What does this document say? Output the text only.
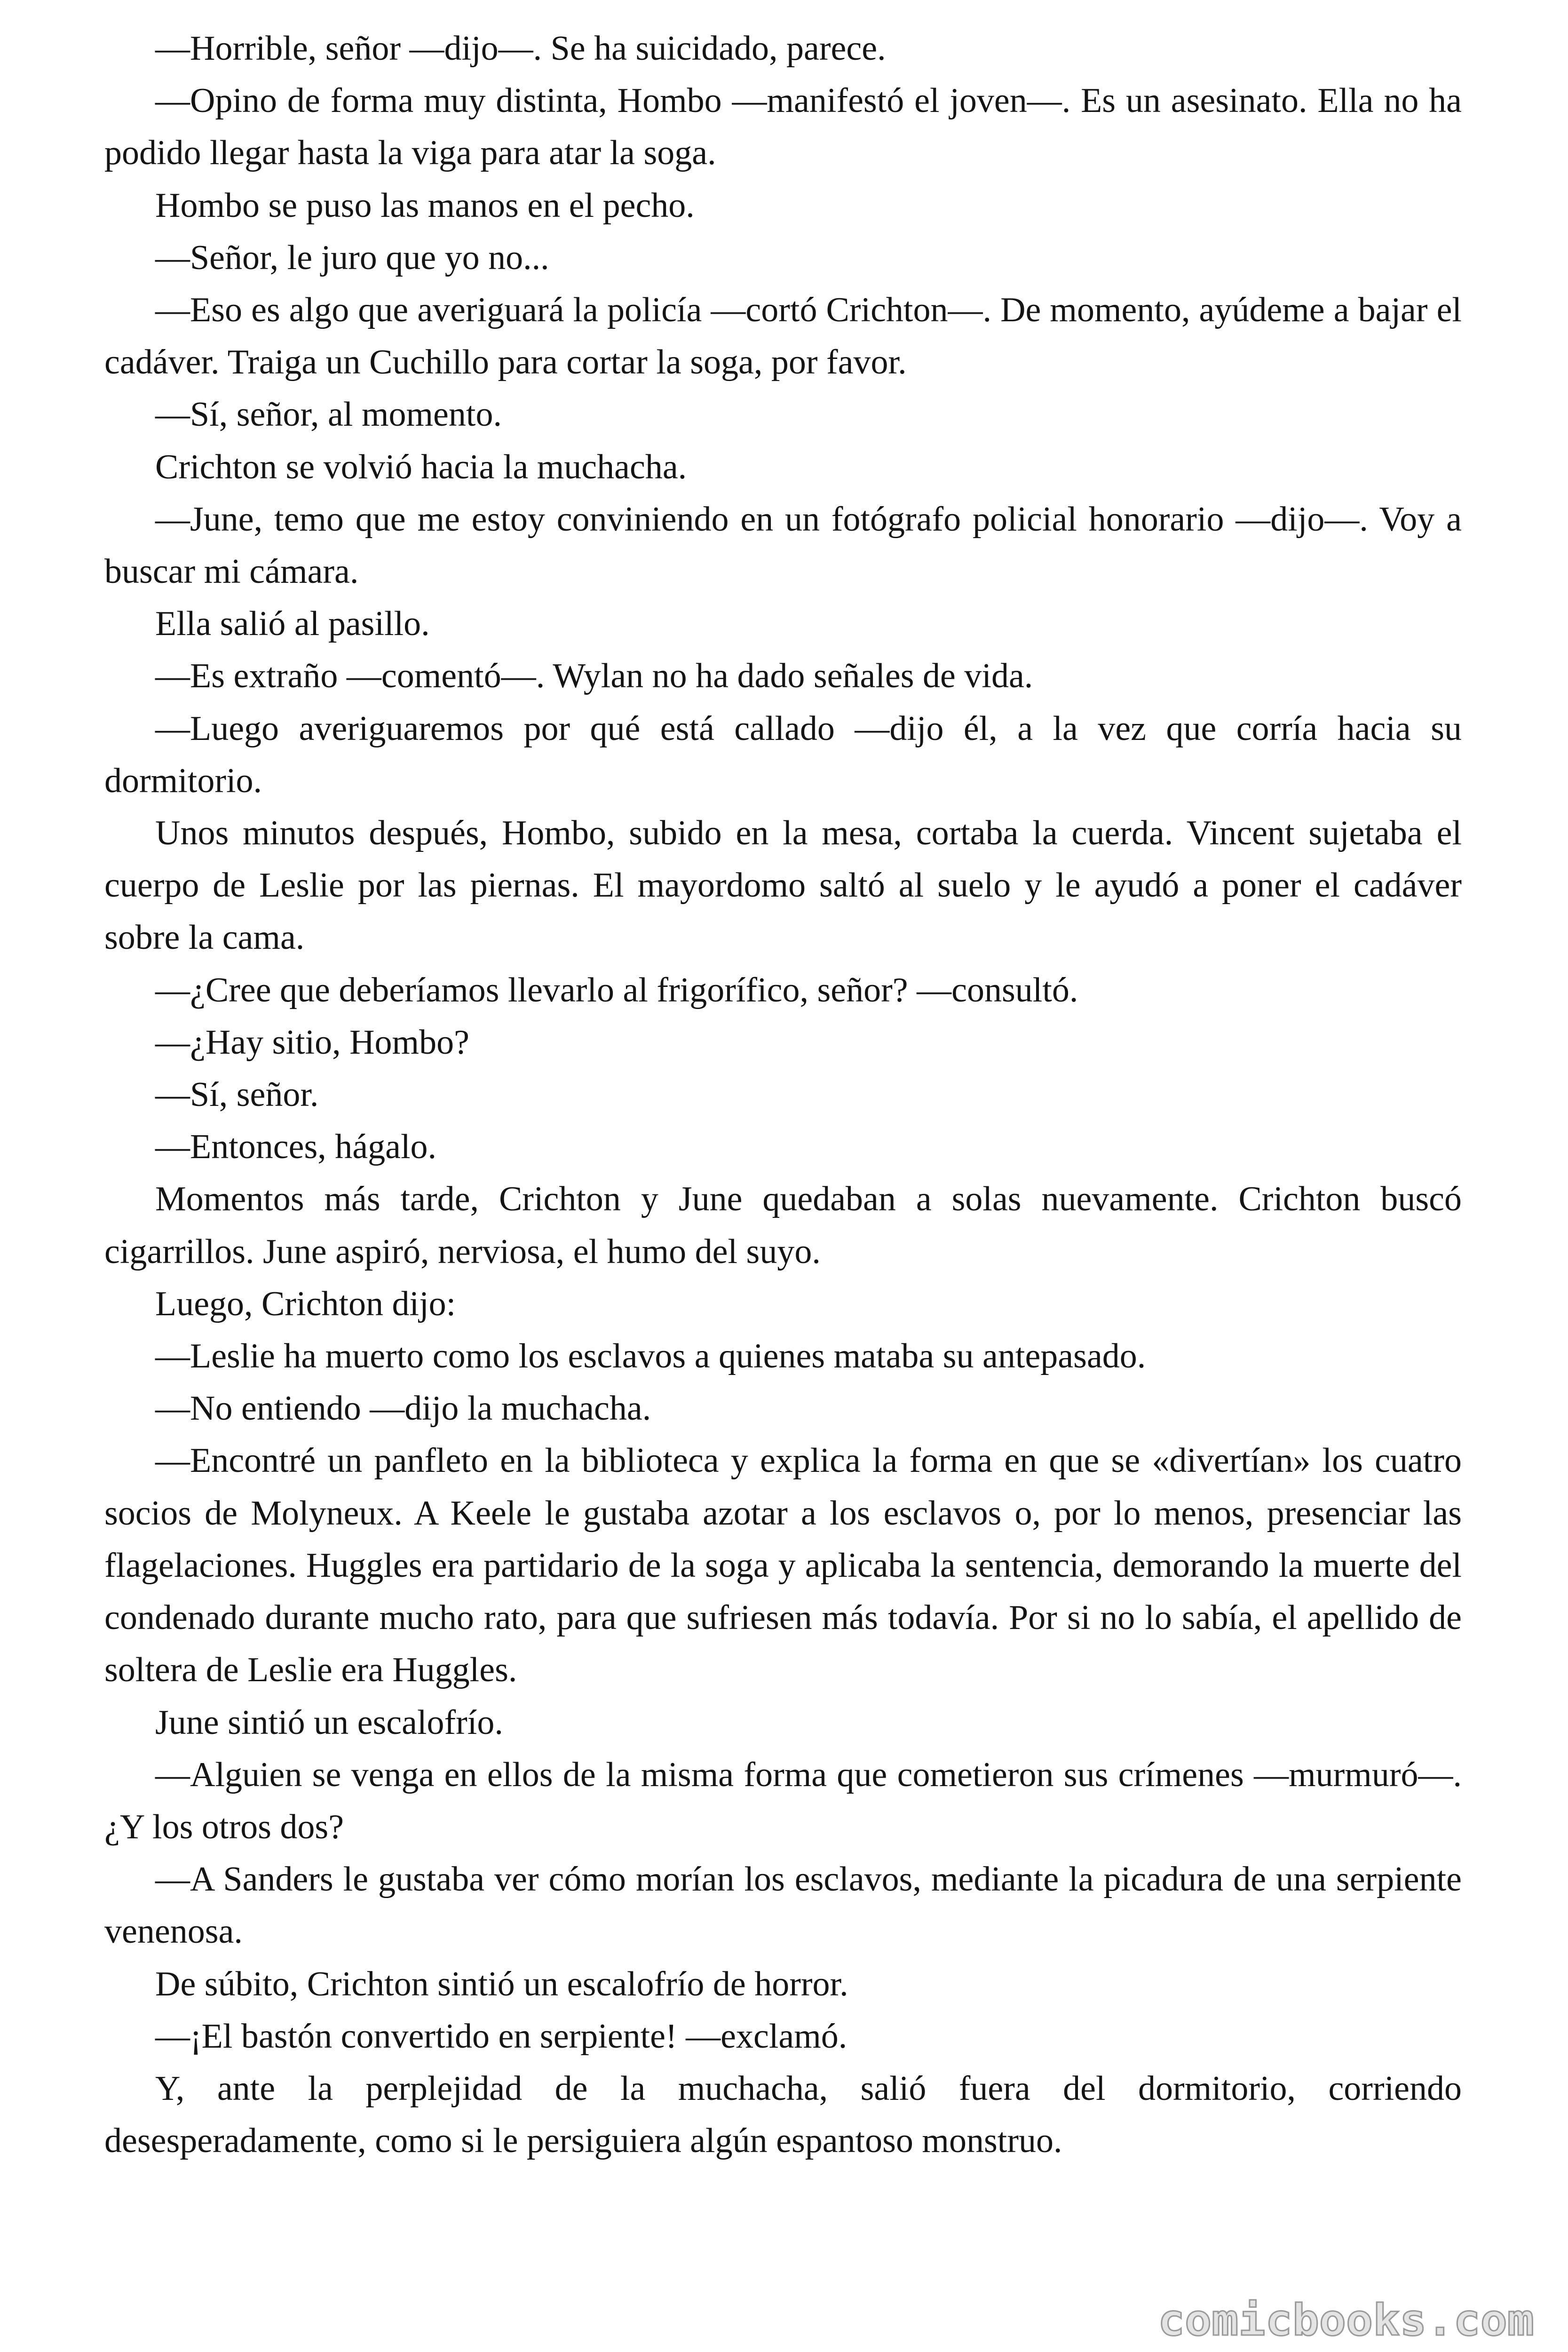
—Horrible, señor —dijo—. Se ha suicidado, parece.

—Opino de forma muy distinta, Hombo —manifestó el joven—. Es un asesinato. Ella no ha podido llegar hasta la viga para atar la soga.

Hombo se puso las manos en el pecho.

—Señor, le juro que yo no...

—Eso es algo que averiguará la policía —cortó Crichton—. De momento, ayúdeme a bajar el cadáver. Traiga un Cuchillo para cortar la soga, por favor.

—Sí, señor, al momento.

Crichton se volvió hacia la muchacha.

—June, temo que me estoy conviniendo en un fotógrafo policial honorario —dijo—. Voy a buscar mi cámara.

Ella salió al pasillo.

—Es extraño —comentó—. Wylan no ha dado señales de vida.

—Luego averiguaremos por qué está callado —dijo él, a la vez que corría hacia su dormitorio.

Unos minutos después, Hombo, subido en la mesa, cortaba la cuerda. Vincent sujetaba el cuerpo de Leslie por las piernas. El mayordomo saltó al suelo y le ayudó a poner el cadáver sobre la cama.

—¿Cree que deberíamos llevarlo al frigorífico, señor? —consultó.

—¿Hay sitio, Hombo?

—Sí, señor.

—Entonces, hágalo.

Momentos más tarde, Crichton y June quedaban a solas nuevamente. Crichton buscó cigarrillos. June aspiró, nerviosa, el humo del suyo.

Luego, Crichton dijo:

—Leslie ha muerto como los esclavos a quienes mataba su antepasado.

—No entiendo —dijo la muchacha.

—Encontré un panfleto en la biblioteca y explica la forma en que se «divertían» los cuatro socios de Molyneux. A Keele le gustaba azotar a los esclavos o, por lo menos, presenciar las flagelaciones. Huggles era partidario de la soga y aplicaba la sentencia, demorando la muerte del condenado durante mucho rato, para que sufriesen más todavía. Por si no lo sabía, el apellido de soltera de Leslie era Huggles.

June sintió un escalofrío.

—Alguien se venga en ellos de la misma forma que cometieron sus crímenes —murmuró—. ¿Y los otros dos?

—A Sanders le gustaba ver cómo morían los esclavos, mediante la picadura de una serpiente venenosa.

De súbito, Crichton sintió un escalofrío de horror.

—¡El bastón convertido en serpiente! —exclamó.

Y, ante la perplejidad de la muchacha, salió fuera del dormitorio, corriendo desesperadamente, como si le persiguiera algún espantoso monstruo.

comicbooks.com
